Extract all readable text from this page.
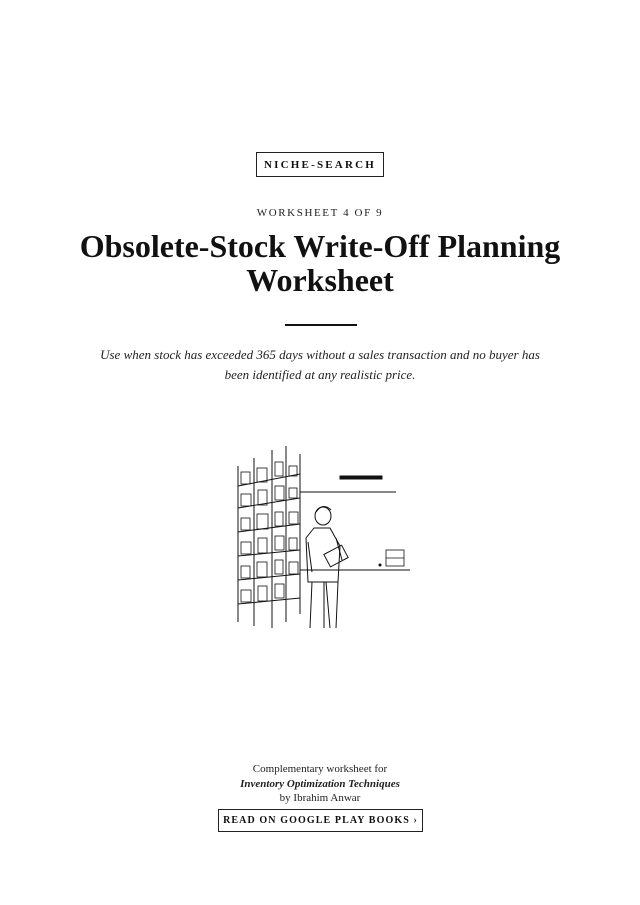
NICHE-SEARCH
WORKSHEET 4 OF 9
Obsolete-Stock Write-Off Planning Worksheet

Use when stock has exceeded 365 days without a sales transaction and no buyer has been identified at any realistic price.

Complementary worksheet for
Inventory Optimization Techniques
by Ibrahim Anwar
READ ON GOOGLE PLAY BOOKS ›
